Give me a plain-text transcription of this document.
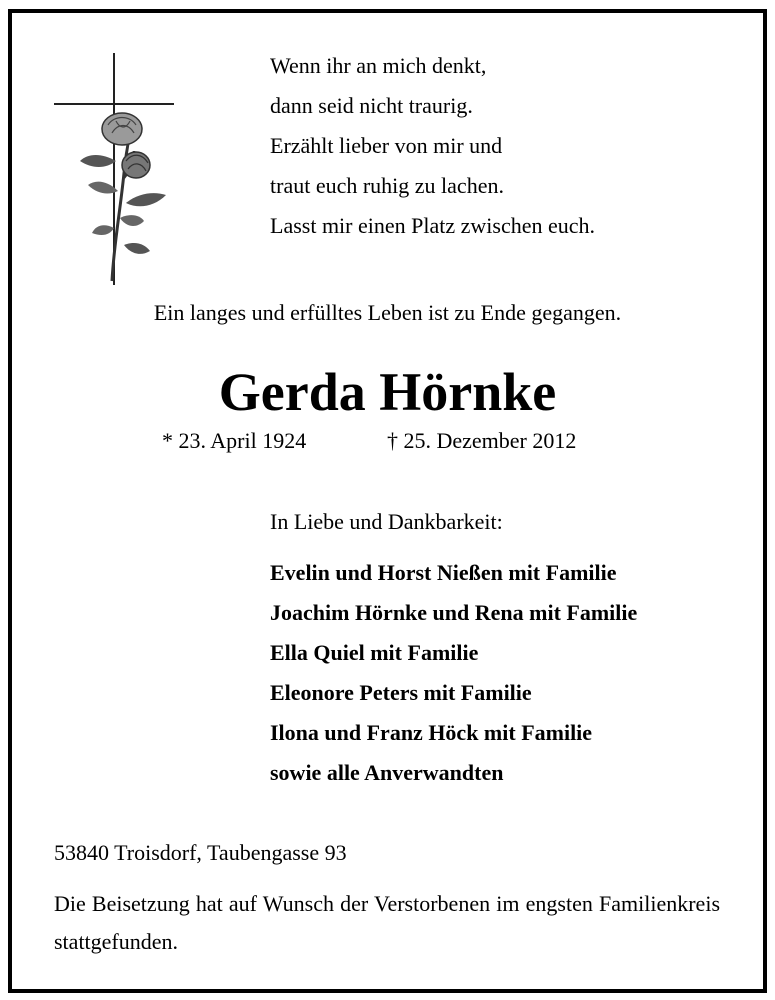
Wenn ihr an mich denkt,
dann seid nicht traurig.
Erzählt lieber von mir und
traut euch ruhig zu lachen.
Lasst mir einen Platz zwischen euch.
Ein langes und erfülltes Leben ist zu Ende gegangen.
Gerda Hörnke
* 23. April 1924	† 25. Dezember 2012
In Liebe und Dankbarkeit:
Evelin und Horst Nießen mit Familie
Joachim Hörnke und Rena mit Familie
Ella Quiel mit Familie
Eleonore Peters mit Familie
Ilona und Franz Höck mit Familie
sowie alle Anverwandten
53840 Troisdorf, Taubengasse 93
Die Beisetzung hat auf Wunsch der Verstorbenen im engsten Familienkreis stattgefunden.
